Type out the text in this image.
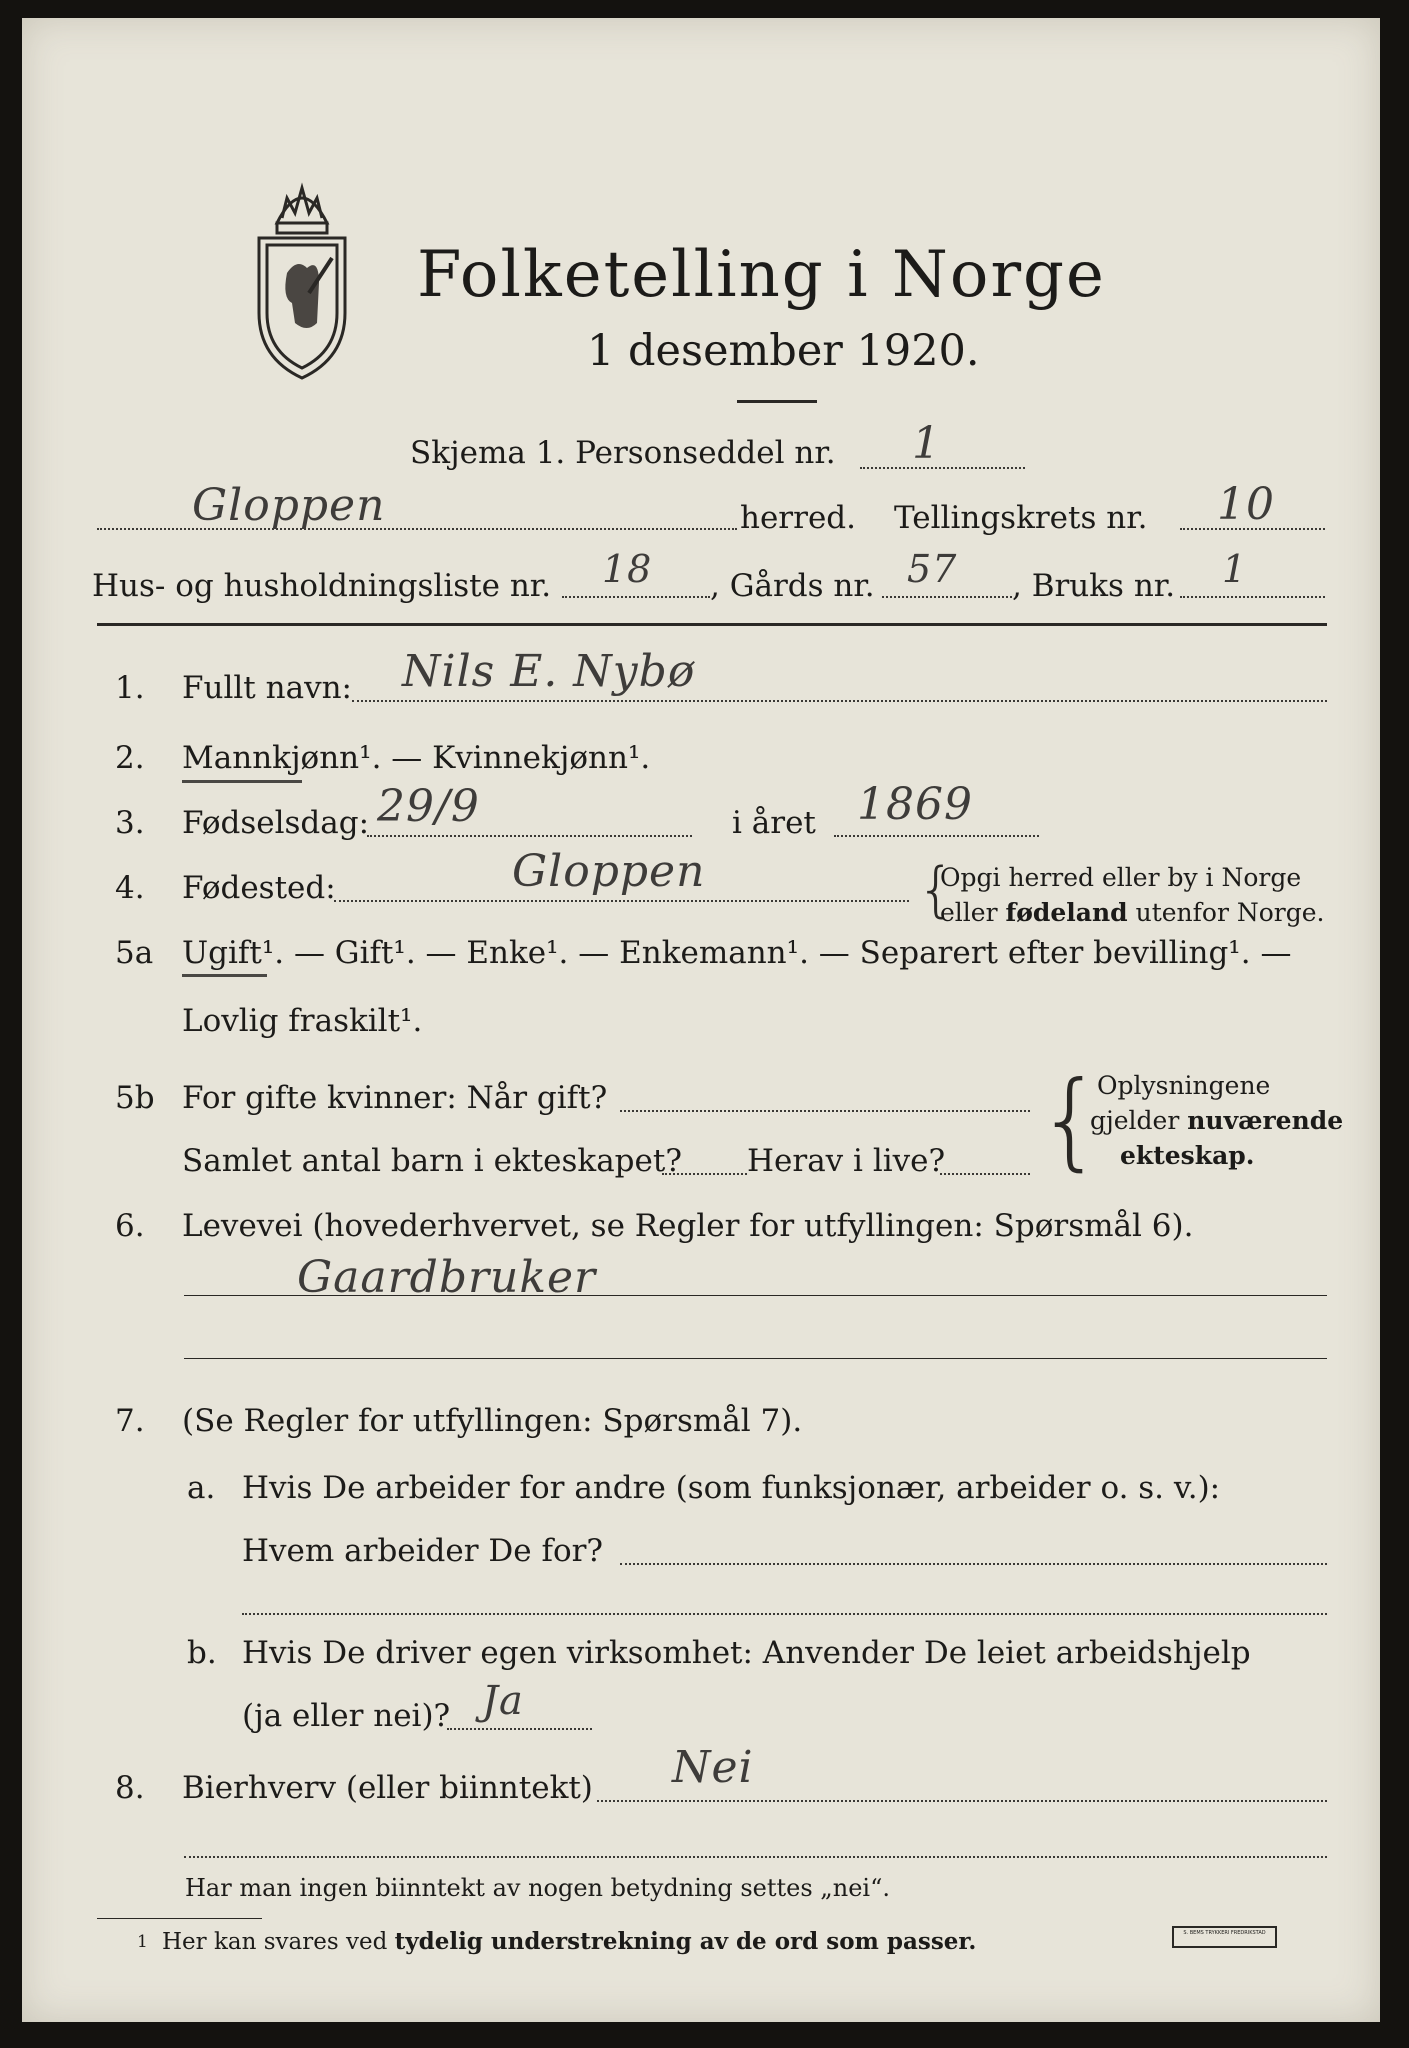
Folketelling i Norge
1 desember 1920.
Skjema 1. Personseddel nr. 1
Gloppen	herred. Tellingskrets nr. 10
Hus- og husholdningsliste nr. 18 , Gårds nr. 57 , Bruks nr. 1
1. Fullt navn: Nils E. Nybø
2. Mannkjønn¹. — Kvinnekjønn¹.
3. Fødselsdag: 29/9	i året 1869
4. Fødested:	Gloppen	{
Opgi herred eller by i Norge
eller fødeland utenfor Norge.
5a Ugift¹. — Gift¹. — Enke¹. — Enkemann¹. — Separert efter bevilling¹. —
Lovlig fraskilt¹.
5b For gifte kvinner: Når gift?
Samlet antal barn i ekteskapet? Herav i live? {
Oplysningene
gjelder nuværende
ekteskap.
6. Levevei (hovederhvervet, se Regler for utfyllingen: Spørsmål 6).
Gaardbruker
7. (Se Regler for utfyllingen: Spørsmål 7).
a. Hvis De arbeider for andre (som funksjonær, arbeider o. s. v.):
Hvem arbeider De for?
b. Hvis De driver egen virksomhet: Anvender De leiet arbeidshjelp
(ja eller nei)? Ja
8. Bierhverv (eller biinntekt) Nei
Har man ingen biinntekt av nogen betydning settes „nei“.
1 Her kan svares ved tydelig understrekning av de ord som passer.	S. BEMS TRYKKERI FREDRIKSTAD
